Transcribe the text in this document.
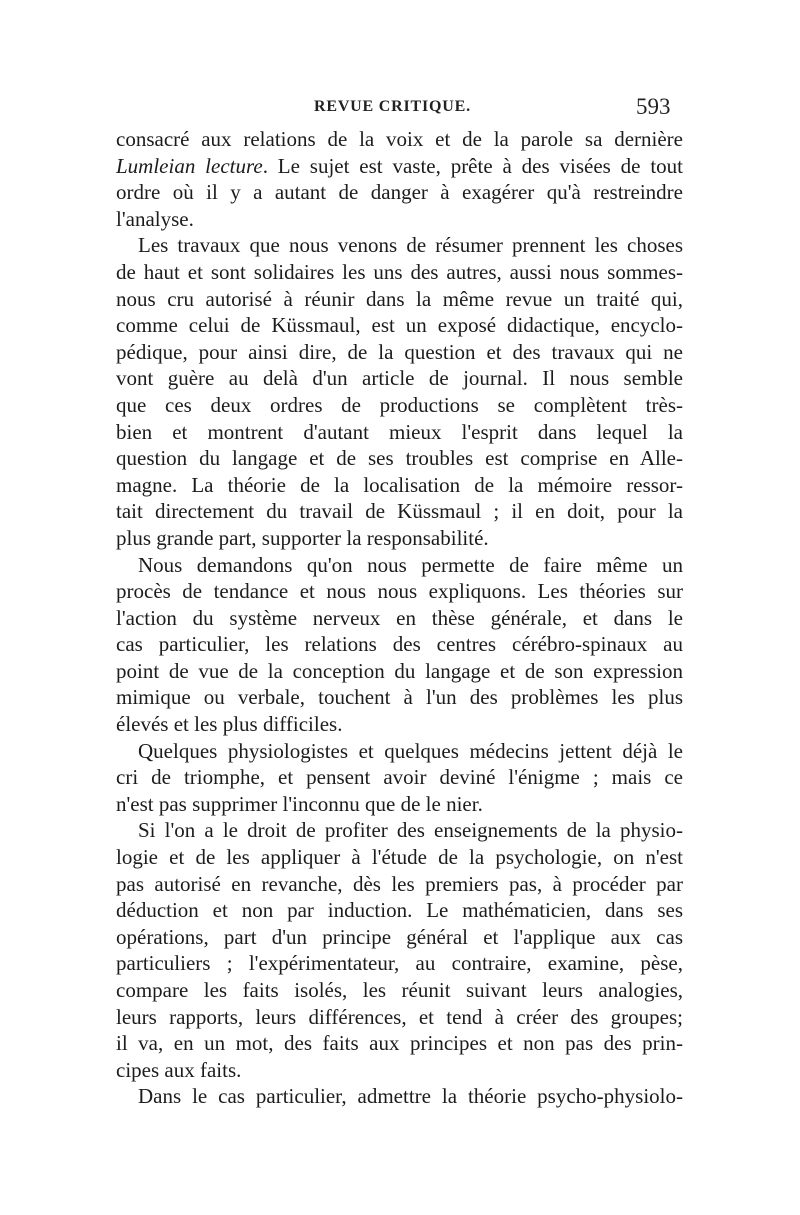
REVUE CRITIQUE.	593
consacré aux relations de la voix et de la parole sa dernière
Lumleian lecture. Le sujet est vaste, prête à des visées de tout
ordre où il y a autant de danger à exagérer qu'à restreindre
l'analyse.
Les travaux que nous venons de résumer prennent les choses
de haut et sont solidaires les uns des autres, aussi nous sommes-
nous cru autorisé à réunir dans la même revue un traité qui,
comme celui de Küssmaul, est un exposé didactique, encyclo-
pédique, pour ainsi dire, de la question et des travaux qui ne
vont guère au delà d'un article de journal. Il nous semble
que ces deux ordres de productions se complètent très-
bien et montrent d'autant mieux l'esprit dans lequel la
question du langage et de ses troubles est comprise en Alle-
magne. La théorie de la localisation de la mémoire ressor-
tait directement du travail de Küssmaul ; il en doit, pour la
plus grande part, supporter la responsabilité.
Nous demandons qu'on nous permette de faire même un
procès de tendance et nous nous expliquons. Les théories sur
l'action du système nerveux en thèse générale, et dans le
cas particulier, les relations des centres cérébro-spinaux au
point de vue de la conception du langage et de son expression
mimique ou verbale, touchent à l'un des problèmes les plus
élevés et les plus difficiles.
Quelques physiologistes et quelques médecins jettent déjà le
cri de triomphe, et pensent avoir deviné l'énigme ; mais ce
n'est pas supprimer l'inconnu que de le nier.
Si l'on a le droit de profiter des enseignements de la physio-
logie et de les appliquer à l'étude de la psychologie, on n'est
pas autorisé en revanche, dès les premiers pas, à procéder par
déduction et non par induction. Le mathématicien, dans ses
opérations, part d'un principe général et l'applique aux cas
particuliers ; l'expérimentateur, au contraire, examine, pèse,
compare les faits isolés, les réunit suivant leurs analogies,
leurs rapports, leurs différences, et tend à créer des groupes;
il va, en un mot, des faits aux principes et non pas des prin-
cipes aux faits.
Dans le cas particulier, admettre la théorie psycho-physiolo-
